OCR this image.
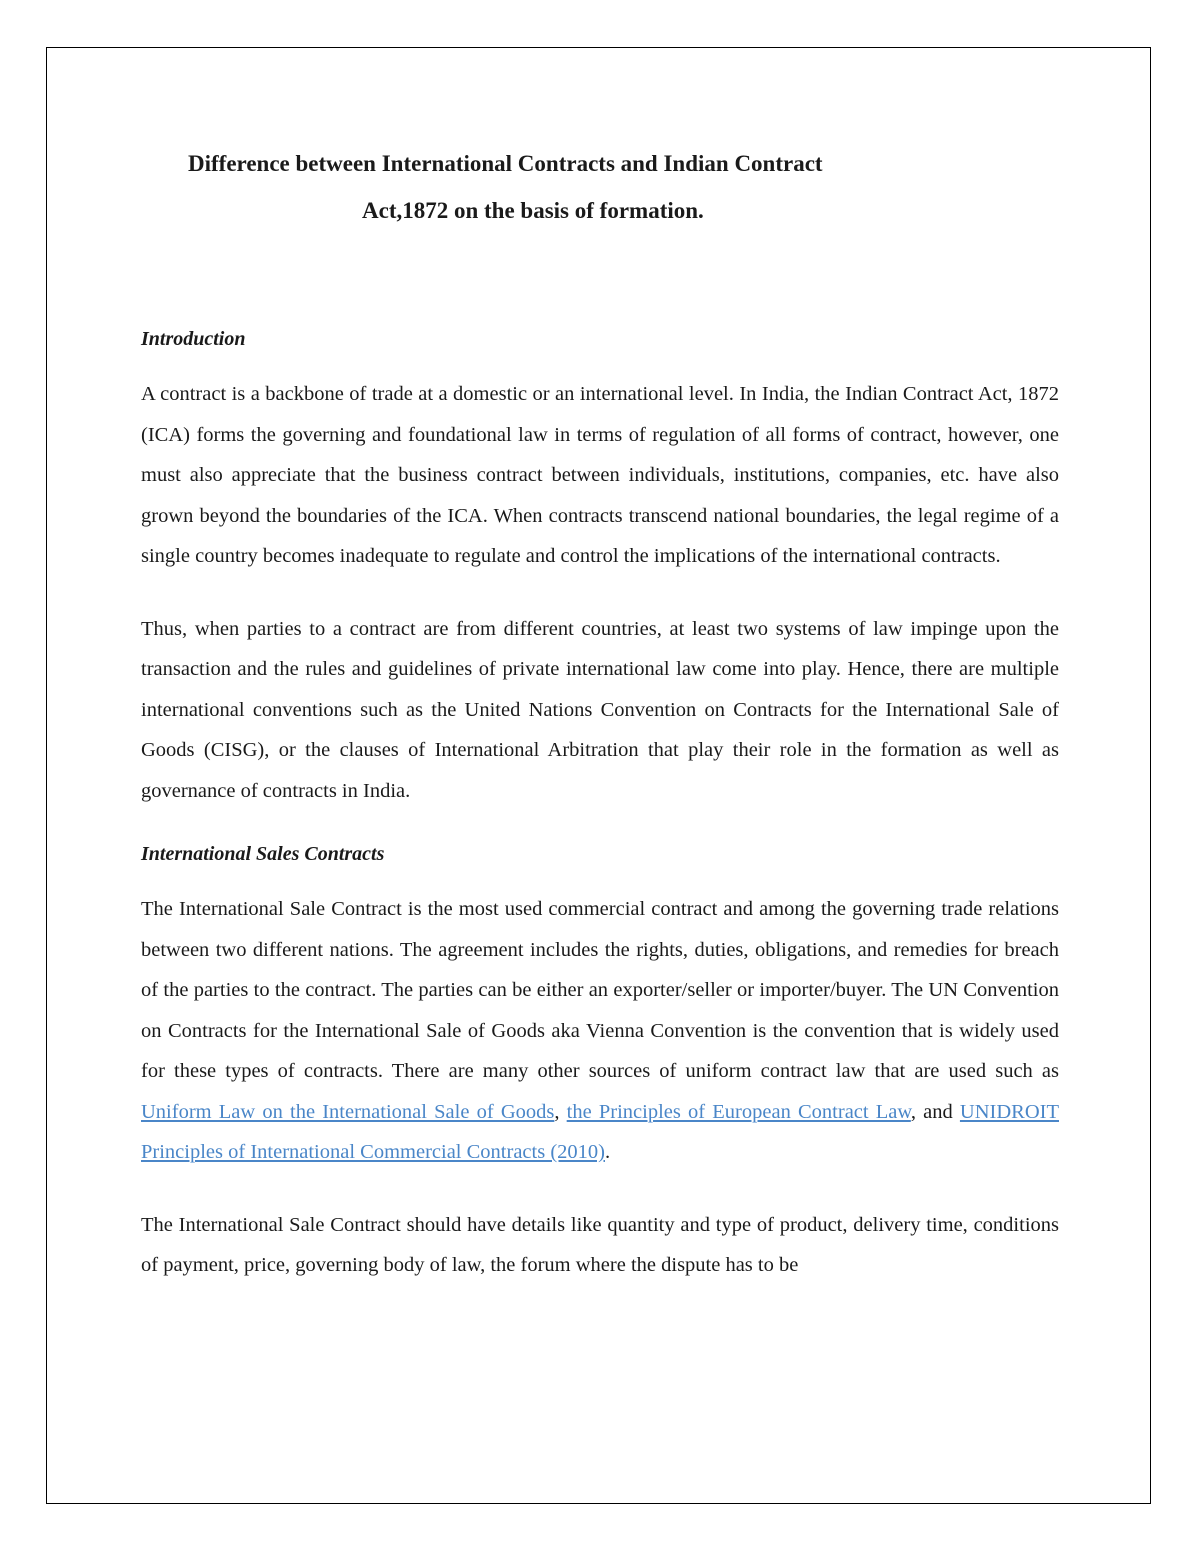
Difference between International Contracts and Indian Contract
Act,1872 on the basis of formation.
Introduction

A contract is a backbone of trade at a domestic or an international level. In India, the Indian Contract Act, 1872 (ICA) forms the governing and foundational law in terms of regulation of all forms of contract, however, one must also appreciate that the business contract between individuals, institutions, companies, etc. have also grown beyond the boundaries of the ICA. When contracts transcend national boundaries, the legal regime of a single country becomes inadequate to regulate and control the implications of the international contracts.

Thus, when parties to a contract are from different countries, at least two systems of law impinge upon the transaction and the rules and guidelines of private international law come into play. Hence, there are multiple international conventions such as the United Nations Convention on Contracts for the International Sale of Goods (CISG), or the clauses of International Arbitration that play their role in the formation as well as governance of contracts in India.

International Sales Contracts

The International Sale Contract is the most used commercial contract and among the governing trade relations between two different nations. The agreement includes the rights, duties, obligations, and remedies for breach of the parties to the contract. The parties can be either an exporter/seller or importer/buyer. The UN Convention on Contracts for the International Sale of Goods aka Vienna Convention is the convention that is widely used for these types of contracts. There are many other sources of uniform contract law that are used such as Uniform Law on the International Sale of Goods, the Principles of European Contract Law, and UNIDROIT Principles of International Commercial Contracts (2010).

The International Sale Contract should have details like quantity and type of product, delivery time, conditions of payment, price, governing body of law, the forum where the dispute has to be
